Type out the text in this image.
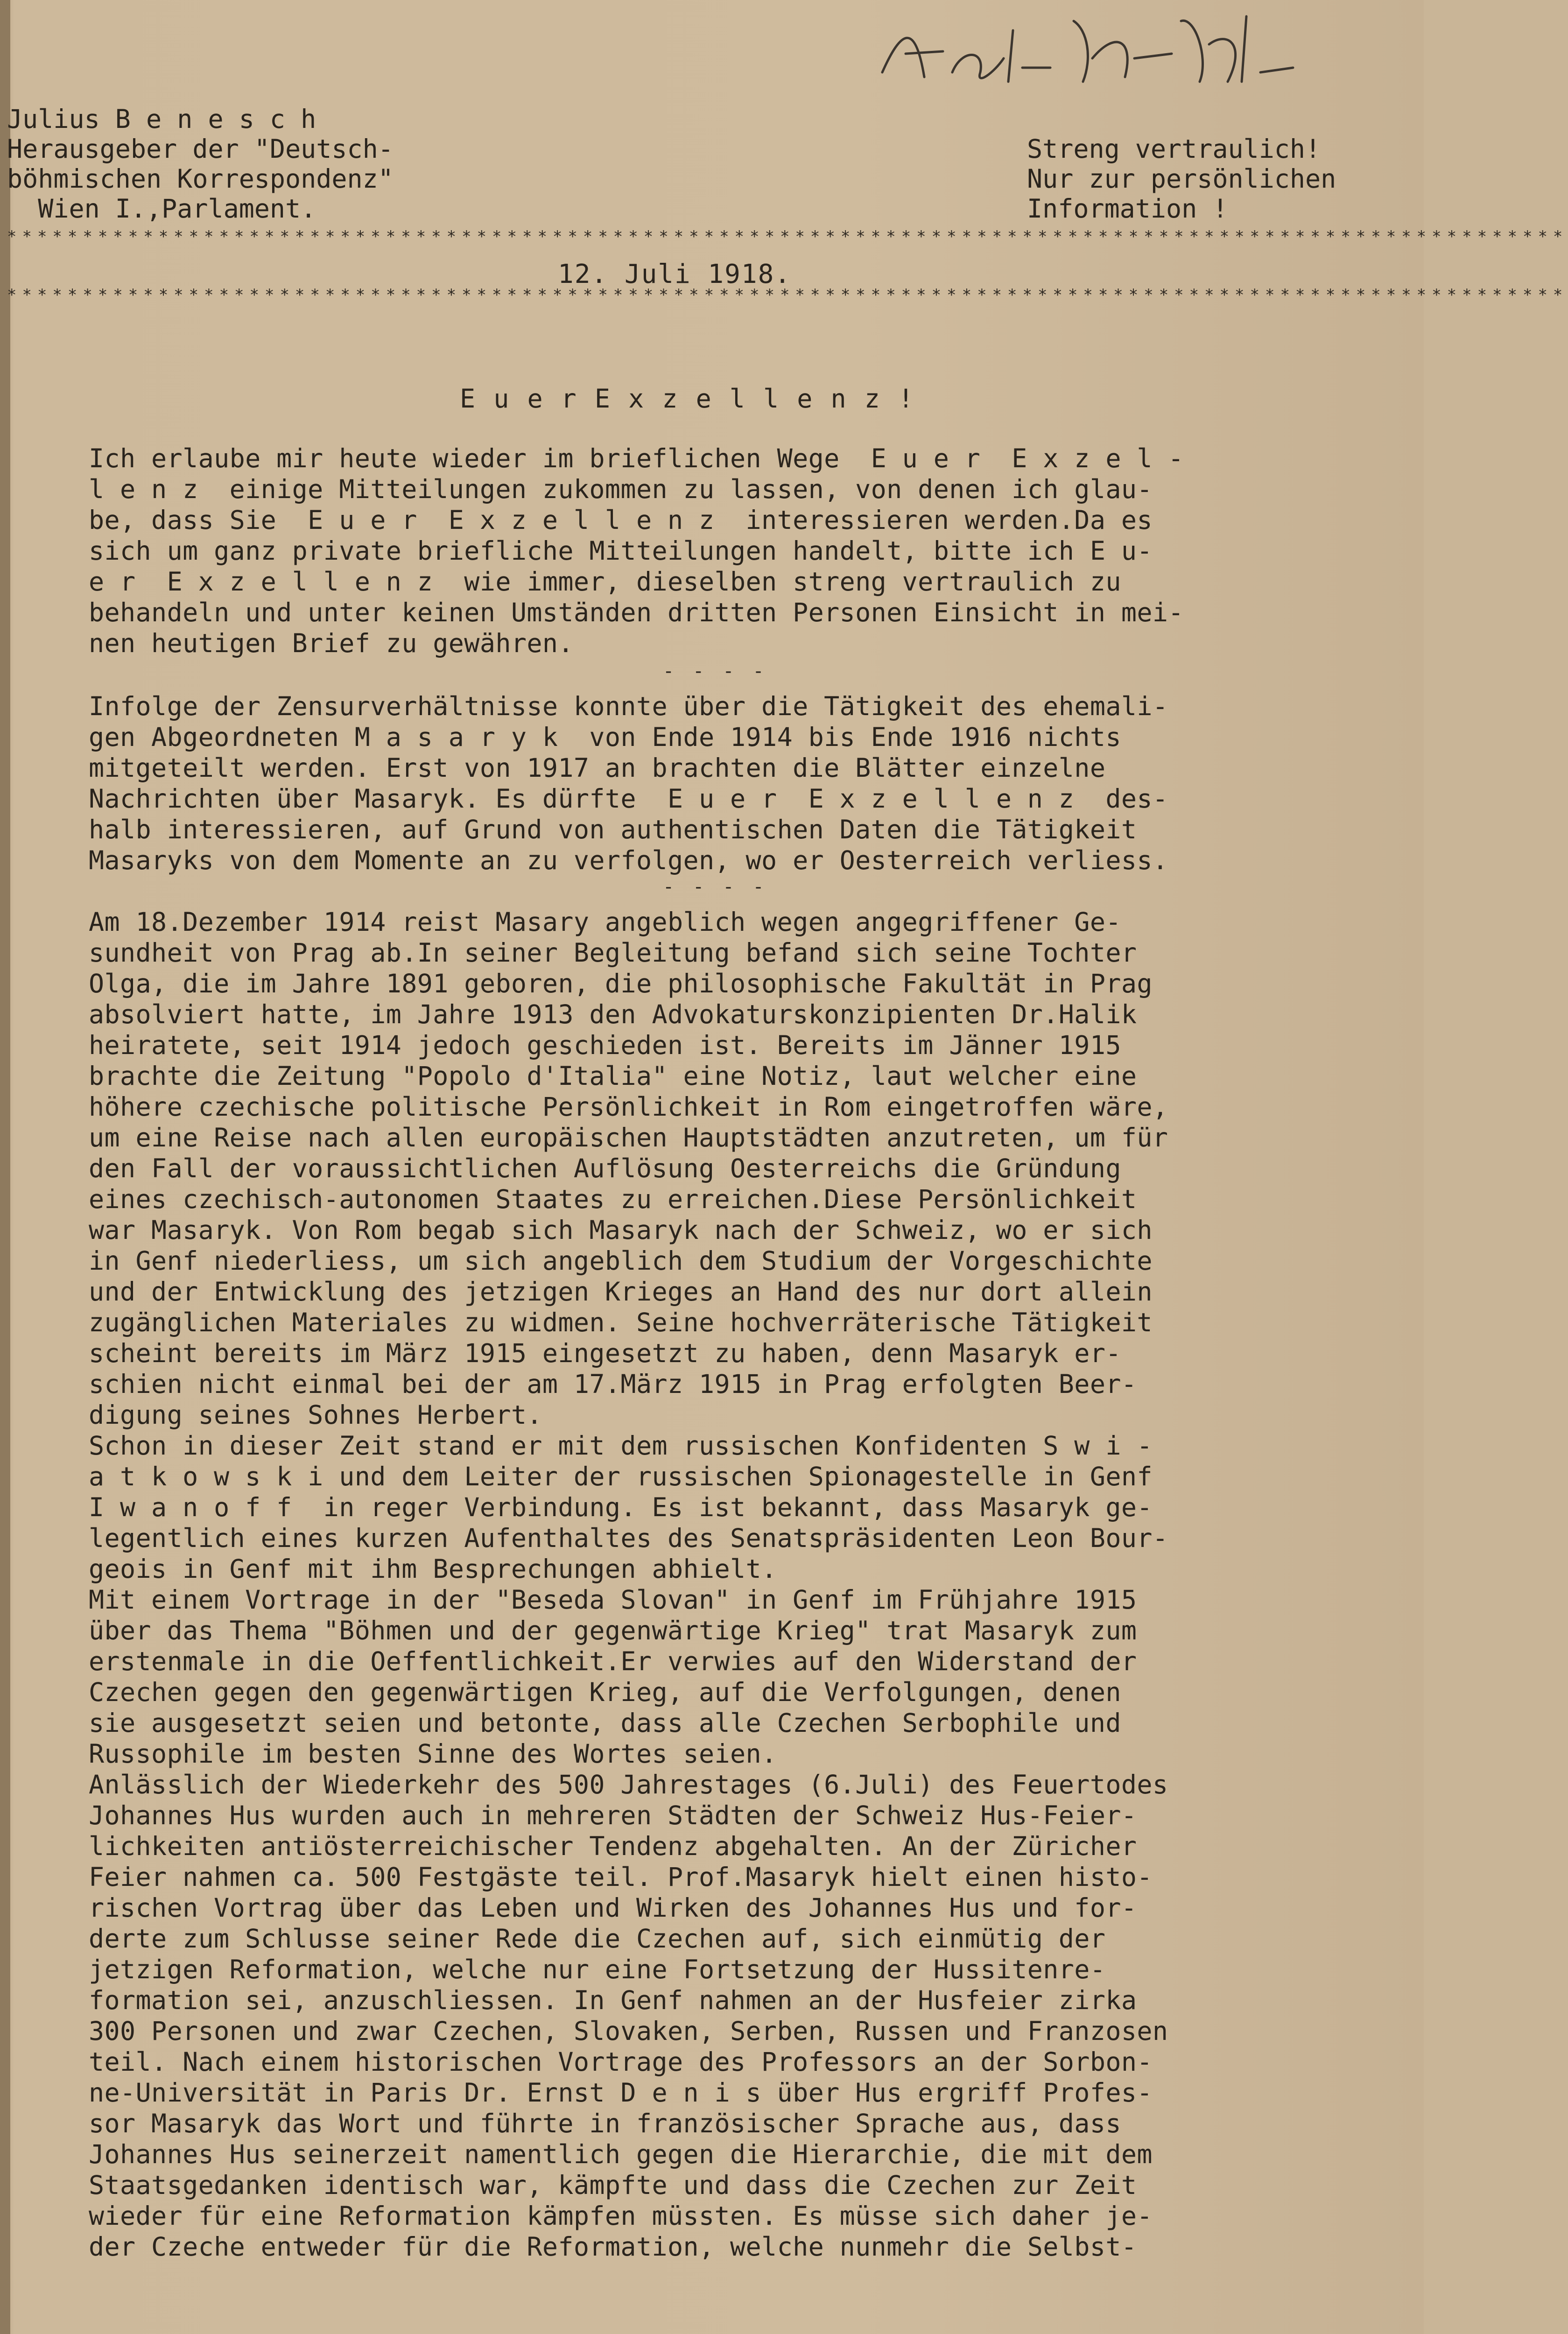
Julius B e n e s c h
Herausgeber der "Deutsch-
böhmischen Korrespondenz"
Wien I.,Parlament.
Streng vertraulich!
Nur zur persönlichen
Information !
*******************************************************************************************************
12. Juli 1918.
*******************************************************************************************************
E u e r E x z e l l e n z !
Ich erlaube mir heute wieder im brieflichen Wege  E u e r  E x z e l -
l e n z  einige Mitteilungen zukommen zu lassen, von denen ich glau-
be, dass Sie  E u e r  E x z e l l e n z  interessieren werden.Da es
sich um ganz private briefliche Mitteilungen handelt, bitte ich E u-
e r  E x z e l l e n z  wie immer, dieselben streng vertraulich zu
behandeln und unter keinen Umständen dritten Personen Einsicht in mei-
nen heutigen Brief zu gewähren.
- - - -
Infolge der Zensurverhältnisse konnte über die Tätigkeit des ehemali-
gen Abgeordneten M a s a r y k  von Ende 1914 bis Ende 1916 nichts
mitgeteilt werden. Erst von 1917 an brachten die Blätter einzelne
Nachrichten über Masaryk. Es dürfte  E u e r  E x z e l l e n z  des-
halb interessieren, auf Grund von authentischen Daten die Tätigkeit
Masaryks von dem Momente an zu verfolgen, wo er Oesterreich verliess.
- - - -
Am 18.Dezember 1914 reist Masary angeblich wegen angegriffener Ge-
sundheit von Prag ab.In seiner Begleitung befand sich seine Tochter
Olga, die im Jahre 1891 geboren, die philosophische Fakultät in Prag
absolviert hatte, im Jahre 1913 den Advokaturskonzipienten Dr.Halik
heiratete, seit 1914 jedoch geschieden ist. Bereits im Jänner 1915
brachte die Zeitung "Popolo d'Italia" eine Notiz, laut welcher eine
höhere czechische politische Persönlichkeit in Rom eingetroffen wäre,
um eine Reise nach allen europäischen Hauptstädten anzutreten, um für
den Fall der voraussichtlichen Auflösung Oesterreichs die Gründung
eines czechisch-autonomen Staates zu erreichen.Diese Persönlichkeit
war Masaryk. Von Rom begab sich Masaryk nach der Schweiz, wo er sich
in Genf niederliess, um sich angeblich dem Studium der Vorgeschichte
und der Entwicklung des jetzigen Krieges an Hand des nur dort allein
zugänglichen Materiales zu widmen. Seine hochverräterische Tätigkeit
scheint bereits im März 1915 eingesetzt zu haben, denn Masaryk er-
schien nicht einmal bei der am 17.März 1915 in Prag erfolgten Beer-
digung seines Sohnes Herbert.
Schon in dieser Zeit stand er mit dem russischen Konfidenten S w i -
a t k o w s k i und dem Leiter der russischen Spionagestelle in Genf
I w a n o f f  in reger Verbindung. Es ist bekannt, dass Masaryk ge-
legentlich eines kurzen Aufenthaltes des Senatspräsidenten Leon Bour-
geois in Genf mit ihm Besprechungen abhielt.
Mit einem Vortrage in der "Beseda Slovan" in Genf im Frühjahre 1915
über das Thema "Böhmen und der gegenwärtige Krieg" trat Masaryk zum
erstenmale in die Oeffentlichkeit.Er verwies auf den Widerstand der
Czechen gegen den gegenwärtigen Krieg, auf die Verfolgungen, denen
sie ausgesetzt seien und betonte, dass alle Czechen Serbophile und
Russophile im besten Sinne des Wortes seien.
Anlässlich der Wiederkehr des 500 Jahrestages (6.Juli) des Feuertodes
Johannes Hus wurden auch in mehreren Städten der Schweiz Hus-Feier-
lichkeiten antiösterreichischer Tendenz abgehalten. An der Züricher
Feier nahmen ca. 500 Festgäste teil. Prof.Masaryk hielt einen histo-
rischen Vortrag über das Leben und Wirken des Johannes Hus und for-
derte zum Schlusse seiner Rede die Czechen auf, sich einmütig der
jetzigen Reformation, welche nur eine Fortsetzung der Hussitenre-
formation sei, anzuschliessen. In Genf nahmen an der Husfeier zirka
300 Personen und zwar Czechen, Slovaken, Serben, Russen und Franzosen
teil. Nach einem historischen Vortrage des Professors an der Sorbon-
ne-Universität in Paris Dr. Ernst D e n i s über Hus ergriff Profes-
sor Masaryk das Wort und führte in französischer Sprache aus, dass
Johannes Hus seinerzeit namentlich gegen die Hierarchie, die mit dem
Staatsgedanken identisch war, kämpfte und dass die Czechen zur Zeit
wieder für eine Reformation kämpfen müssten. Es müsse sich daher je-
der Czeche entweder für die Reformation, welche nunmehr die Selbst-
